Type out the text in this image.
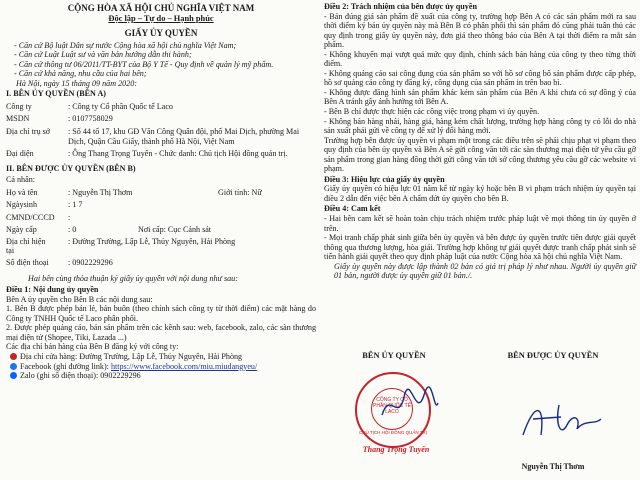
CỘNG HÒA XÃ HỘI CHỦ NGHĨA VIỆT NAM
Độc lập – Tự do – Hạnh phúc
GIẤY ỦY QUYỀN
- Căn cứ Bộ luật Dân sự nước Cộng hòa xã hội chủ nghĩa Việt Nam;
- Căn cứ Luật Luật sư và văn bản hướng dẫn thi hành;
- Căn cứ thông tư 06/2011/TT-BYT của Bộ Y Tế - Quy định về quản lý mỹ phẩm.
- Căn cứ khả năng, nhu cầu của hai bên;
Hà Nội, ngày 15 tháng 09 năm 2020:
I. BÊN ỦY QUYỀN (BÊN A)
Công ty	: Công ty Cổ phần Quốc tế Laco
MSDN	: 0107758029
Địa chỉ trụ sở	: Số 44 tổ 17, khu GĐ Văn Công Quân đội, phố Mai Dịch, phường Mai Dịch, Quận Cầu Giấy, thành phố Hà Nội, Việt Nam
Đại diện	: Ông Thang Trọng Tuyến - Chức danh: Chủ tịch Hội đồng quản trị.
II. BÊN ĐƯỢC ỦY QUYỀN (BÊN B)
Cá nhân:
Họ và tên	: Nguyễn Thị Thơm	Giới tính: Nữ
Ngàysinh	: 1 7
CMND/CCCD	:
Ngày cấp	: 0	Nơi cấp: Cục Cảnh sát
Địa chỉ hiện tại
: Đường Trường, Lập Lễ, Thủy Nguyên, Hải Phòng
Số điện thoại	: 0902229296
Hai bên cùng thỏa thuận ký giấy ủy quyền với nội dung như sau:
Điều 1: Nội dung ủy quyền
Bên A ủy quyền cho Bên B các nội dung sau:
1. Bên B được phép bán lẻ, bán buôn (theo chính sách công ty từ thời điểm) các mặt hàng do Công ty TNHH Quốc tế Laco phân phối.
2. Được phép quảng cáo, bán sản phẩm trên các kênh sau: web, facebook, zalo, các sàn thương mại điện tử (Shopee, Tiki, Lazada ...)
Các địa chỉ bán hàng của Bên B đăng ký với công ty:
Địa chỉ cửa hàng: Đường Trường, Lập Lễ, Thủy Nguyên, Hải Phòng
Facebook (ghi đường link): https://www.facebook.com/miu.miudangyeu/
Zalo (ghi số điện thoại): 0902229296
Điều 2: Trách nhiệm của bên được ủy quyền
- Bán đúng giá sản phẩm đề xuất của công ty, trường hợp Bên A có các sản phẩm mới ra sau thời điểm ký bản ủy quyền này mà Bên B có phân phối thì sản phẩm đó cũng phải tuân thủ các quy định trong giấy ủy quyền này, đơn giá theo thông báo của Bên A tại thời điểm ra mắt sản phẩm.
- Không khuyến mại vượt quá mức quy định, chính sách bán hàng của công ty theo từng thời điểm.
- Không quảng cáo sai công dụng của sản phẩm so với hồ sơ công bố sản phẩm được cấp phép, hồ sơ quảng cáo công ty đăng ký, công dụng của sản phẩm in trên bao bì.
- Không được đăng hình sản phẩm khác kém sản phẩm của Bên A khi chưa có sự đồng ý của Bên A tránh gây ảnh hưởng tới Bên A.
- Bên B chỉ được thực hiện các công việc trong phạm vi ủy quyền.
- Không bán hàng nhái, hàng giả, hàng kém chất lượng, trường hợp hàng công ty có lỗi do nhà sản xuất phải gửi về công ty để xử lý đổi hàng mới.
Trường hợp bên được ủy quyền vi phạm một trong các điều trên sẽ phải chịu phạt vi phạm theo quy định của bên ủy quyền và Bên A sẽ gửi công văn tới các sàn thương mại điện tử yêu cầu gỡ sản phẩm trong gian hàng đồng thời gửi công văn tới sở công thương yêu cầu gỡ các website vi phạm.
Điều 3: Hiệu lực của giấy ủy quyền
Giấy ủy quyền có hiệu lực 01 năm kể từ ngày ký hoặc bên B vi phạm trách nhiệm ủy quyền tại điều 2 dẫn đến việc bên A chấm dứt ủy quyền cho bên B.
Điều 4: Cam kết
- Hai bên cam kết sẽ hoàn toàn chịu trách nhiệm trước pháp luật về mọi thông tin ủy quyền ở trên.
- Mọi tranh chấp phát sinh giữa bên ủy quyền và bên được ủy quyền trước tiên được giải quyết thông qua thương lượng, hòa giải. Trường hợp không tự giải quyết được tranh chấp phát sinh sẽ tiến hành giải quyết theo quy định pháp luật của nước Cộng hòa xã hội chủ nghĩa Việt Nam.
Giấy ủy quyền này được lập thành 02 bản có giá trị pháp lý như nhau. Người ủy quyền giữ 01 bản, người được ủy quyền giữ 01 bản./.
BÊN ỦY QUYỀN	BÊN ĐƯỢC ỦY QUYỀN
CÔNG TY CỔ PHẦN QUỐC TẾ LACO
CHỦ TỊCH HỘI ĐỒNG QUẢN TRỊ
Thang Trọng Tuyến
Nguyễn Thị Thơm
